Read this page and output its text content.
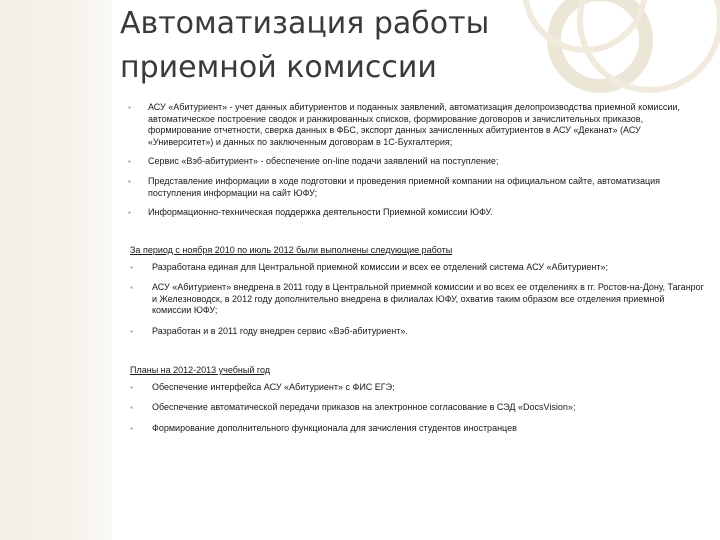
Автоматизация работы приемной комиссии
▪ АСУ «Абитуриент» - учет данных абитуриентов и поданных заявлений, автоматизация делопроизводства приемной комиссии, автоматическое построение сводок и ранжированных списков, формирование договоров и зачислительных приказов, формирование отчетности, сверка данных в ФБС, экспорт данных зачисленных абитуриентов в АСУ «Деканат» (АСУ «Университет») и данных по заключенным договорам в 1С-Бухгалтерия;
▪ Сервис «Вэб-абитуриент» - обеспечение on-line подачи заявлений на поступление;
▪ Представление информации в ходе подготовки и проведения приемной компании на официальном сайте, автоматизация поступления информации на сайт ЮФУ;
▪ Информационно-техническая поддержка деятельности Приемной комиссии ЮФУ.

За период с ноября 2010 по июль 2012 были выполнены следующие работы

▪ Разработана единая для Центральной приемной комиссии и всех ее отделений система АСУ «Абитуриент»;
▪ АСУ «Абитуриент» внедрена в 2011 году в Центральной приемной комиссии и во всех ее отделениях в гг. Ростов-на-Дону, Таганрог и Железноводск, в 2012 году дополнительно внедрена в филиалах ЮФУ, охватив таким образом все отделения приемной комиссии ЮФУ;
▪ Разработан и в 2011 году внедрен сервис «Вэб-абитуриент».

Планы на 2012-2013 учебный год

▪ Обеспечение интерфейса АСУ «Абитуриент» с ФИС ЕГЭ;
▪ Обеспечение автоматической передачи приказов на электронное согласование в СЭД «DocsVision»;
▪ Формирование дополнительного функционала для зачисления студентов иностранцев
